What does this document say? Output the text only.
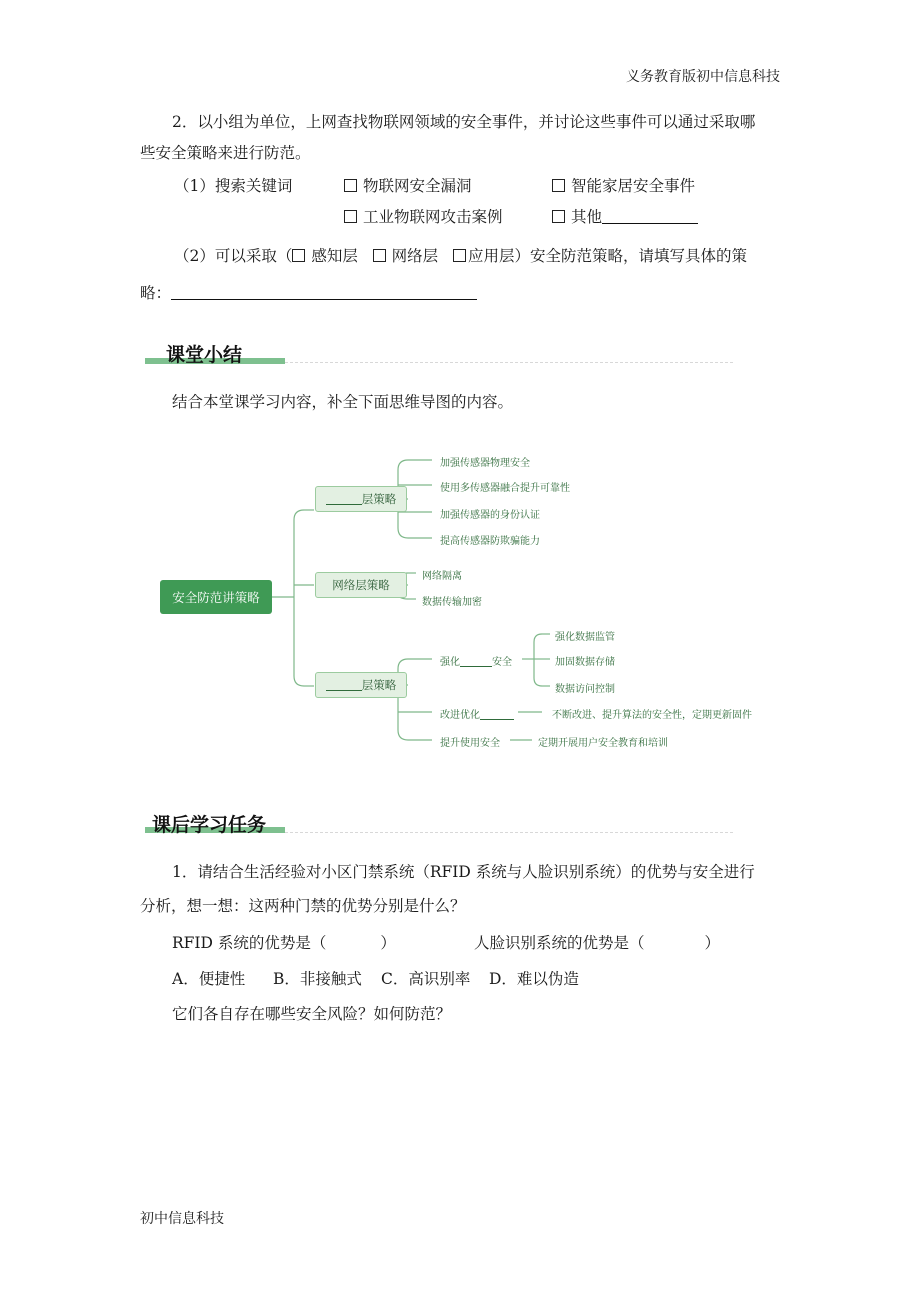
义务教育版初中信息科技
初中信息科技
2．以小组为单位，上网查找物联网领域的安全事件，并讨论这些事件可以通过采取哪
些安全策略来进行防范。
（1）搜索关键词	物联网安全漏洞	智能家居安全事件
工业物联网攻击案例	其他
（2）可以采取（ 感知层 网络层 应用层）安全防范策略，请填写具体的策
略：
课堂小结
结合本堂课学习内容，补全下面思维导图的内容。
安全防范讲策略
层策略
加强传感器物理安全
使用多传感器融合提升可靠性
加强传感器的身份认证
提高传感器防欺骗能力
网络层策略
网络隔离
数据传输加密
层策略
强化	安全
强化数据监管
加固数据存储
数据访问控制
改进优化	不断改进、提升算法的安全性，定期更新固件
提升使用安全	定期开展用户安全教育和培训
课后学习任务
1．请结合生活经验对小区门禁系统（RFID 系统与人脸识别系统）的优势与安全进行
分析，想一想：这两种门禁的优势分别是什么？
RFID 系统的优势是（	）	人脸识别系统的优势是（	）
A．便捷性 B．非接触式 C．高识别率 D．难以伪造
它们各自存在哪些安全风险？如何防范？
